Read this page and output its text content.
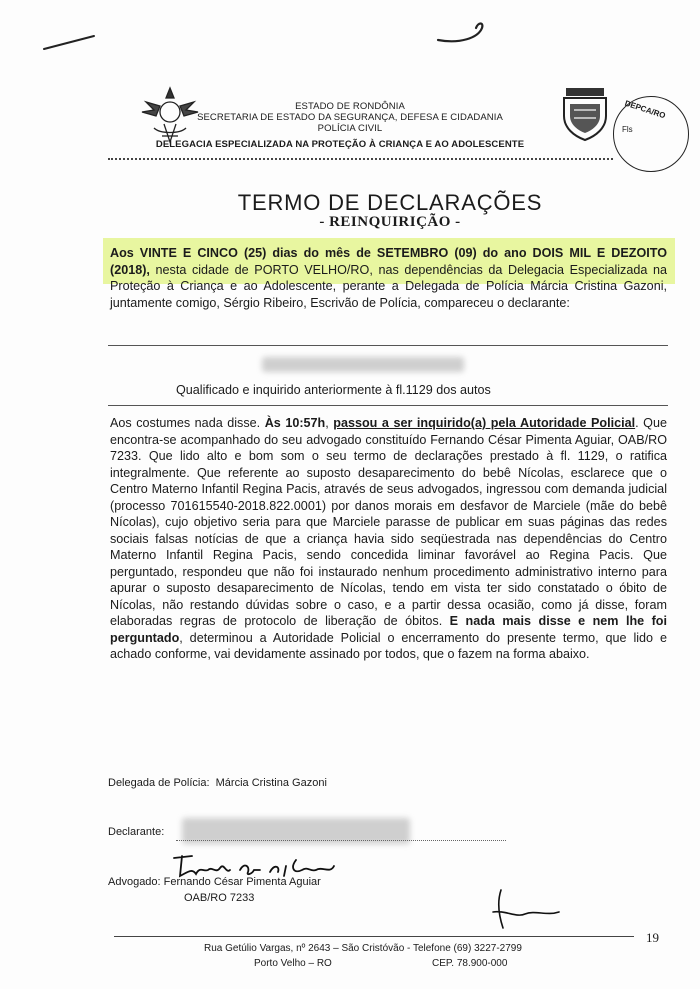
ESTADO DE RONDÔNIA
SECRETARIA DE ESTADO DA SEGURANÇA, DEFESA E CIDADANIA
POLÍCIA CIVIL
DELEGACIA ESPECIALIZADA NA PROTEÇÃO À CRIANÇA E AO ADOLESCENTE
DEPCA/RO
Fls
TERMO DE DECLARAÇÕES
- REINQUIRIÇÃO -

Aos VINTE E CINCO (25) dias do mês de SETEMBRO (09) do ano DOIS MIL E DEZOITO (2018), nesta cidade de PORTO VELHO/RO, nas dependências da Delegacia Especializada na Proteção à Criança e ao Adolescente, perante a Delegada de Polícia Márcia Cristina Gazoni, juntamente comigo, Sérgio Ribeiro, Escrivão de Polícia, compareceu o declarante:

Qualificado e inquirido anteriormente à fl.1129 dos autos

Aos costumes nada disse. Às 10:57h, passou a ser inquirido(a) pela Autoridade Policial. Que encontra-se acompanhado do seu advogado constituído Fernando César Pimenta Aguiar, OAB/RO 7233. Que lido alto e bom som o seu termo de declarações prestado à fl. 1129, o ratifica integralmente. Que referente ao suposto desaparecimento do bebê Nícolas, esclarece que o Centro Materno Infantil Regina Pacis, através de seus advogados, ingressou com demanda judicial (processo 701615540-2018.822.0001) por danos morais em desfavor de Marciele (mãe do bebê Nícolas), cujo objetivo seria para que Marciele parasse de publicar em suas páginas das redes sociais falsas notícias de que a criança havia sido seqüestrada nas dependências do Centro Materno Infantil Regina Pacis, sendo concedida liminar favorável ao Regina Pacis. Que perguntado, respondeu que não foi instaurado nenhum procedimento administrativo interno para apurar o suposto desaparecimento de Nícolas, tendo em vista ter sido constatado o óbito de Nícolas, não restando dúvidas sobre o caso, e a partir dessa ocasião, como já disse, foram elaboradas regras de protocolo de liberação de óbitos. E nada mais disse e nem lhe foi perguntado, determinou a Autoridade Policial o encerramento do presente termo, que lido e achado conforme, vai devidamente assinado por todos, que o fazem na forma abaixo.

Delegada de Polícia: Márcia Cristina Gazoni
Declarante:
Advogado: Fernando César Pimenta Aguiar
OAB/RO 7233
Rua Getúlio Vargas, nº 2643 – São Cristóvão - Telefone (69) 3227-2799
Porto Velho – RO	CEP. 78.900-000
19
